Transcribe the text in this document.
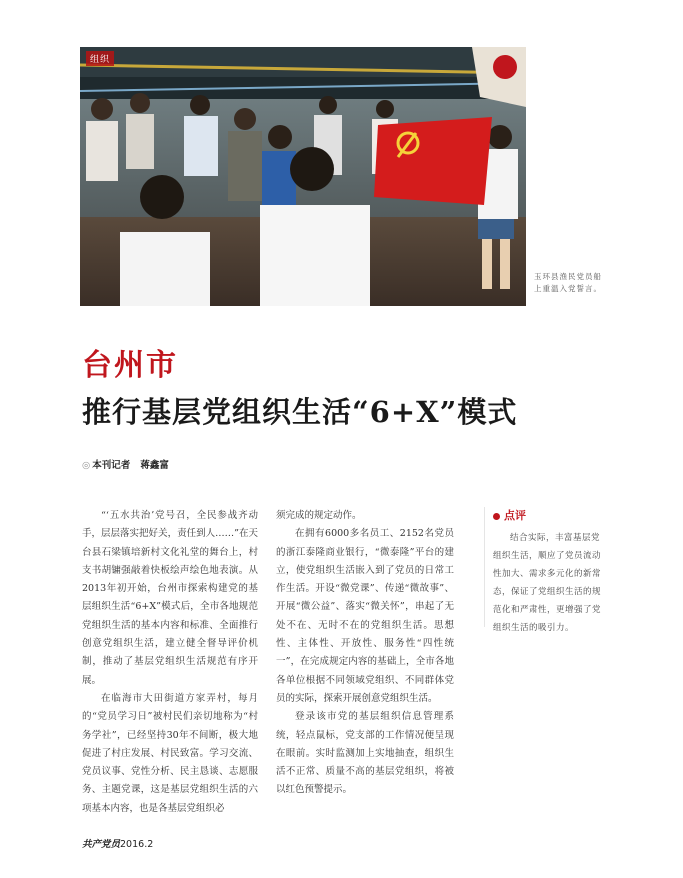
组织
玉环县渔民党员船上重温入党誓言。
台州市
推行基层党组织生活“6+X”模式
◎ 本刊记者 蒋鑫富

“‘五水共治’党号召，全民参战齐动手，层层落实把好关，责任到人……”在天台县石梁镇培新村文化礼堂的舞台上，村支书胡镛强敲着快板绘声绘色地表演。从2013年初开始，台州市探索构建党的基层组织生活“6+X”模式后，全市各地规范党组织生活的基本内容和标准、全面推行创意党组织生活，建立健全督导评价机制，推动了基层党组织生活规范有序开展。

在临海市大田街道方家弄村，每月的“党员学习日”被村民们亲切地称为“村务学社”，已经坚持30年不间断，极大地促进了村庄发展、村民致富。学习交流、党员议事、党性分析、民主恳谈、志愿服务、主题党课，这是基层党组织生活的六项基本内容，也是各基层党组织必

须完成的规定动作。

在拥有6000多名员工、2152名党员的浙江泰隆商业银行，“微泰隆”平台的建立，使党组织生活嵌入到了党员的日常工作生活。开设“微党课”、传递“微故事”、开展“微公益”、落实“微关怀”，串起了无处不在、无时不在的党组织生活。思想性、主体性、开放性、服务性“四性统一”，在完成规定内容的基础上，全市各地各单位根据不同领域党组织、不同群体党员的实际，探索开展创意党组织生活。

登录该市党的基层组织信息管理系统，轻点鼠标，党支部的工作情况便呈现在眼前。实时监测加上实地抽查，组织生活不正常、质量不高的基层党组织，将被以红色预警提示。

点评
结合实际，丰富基层党组织生活，顺应了党员流动性加大、需求多元化的新常态，保证了党组织生活的规范化和严肃性，更增强了党组织生活的吸引力。
共产党员2016.2
